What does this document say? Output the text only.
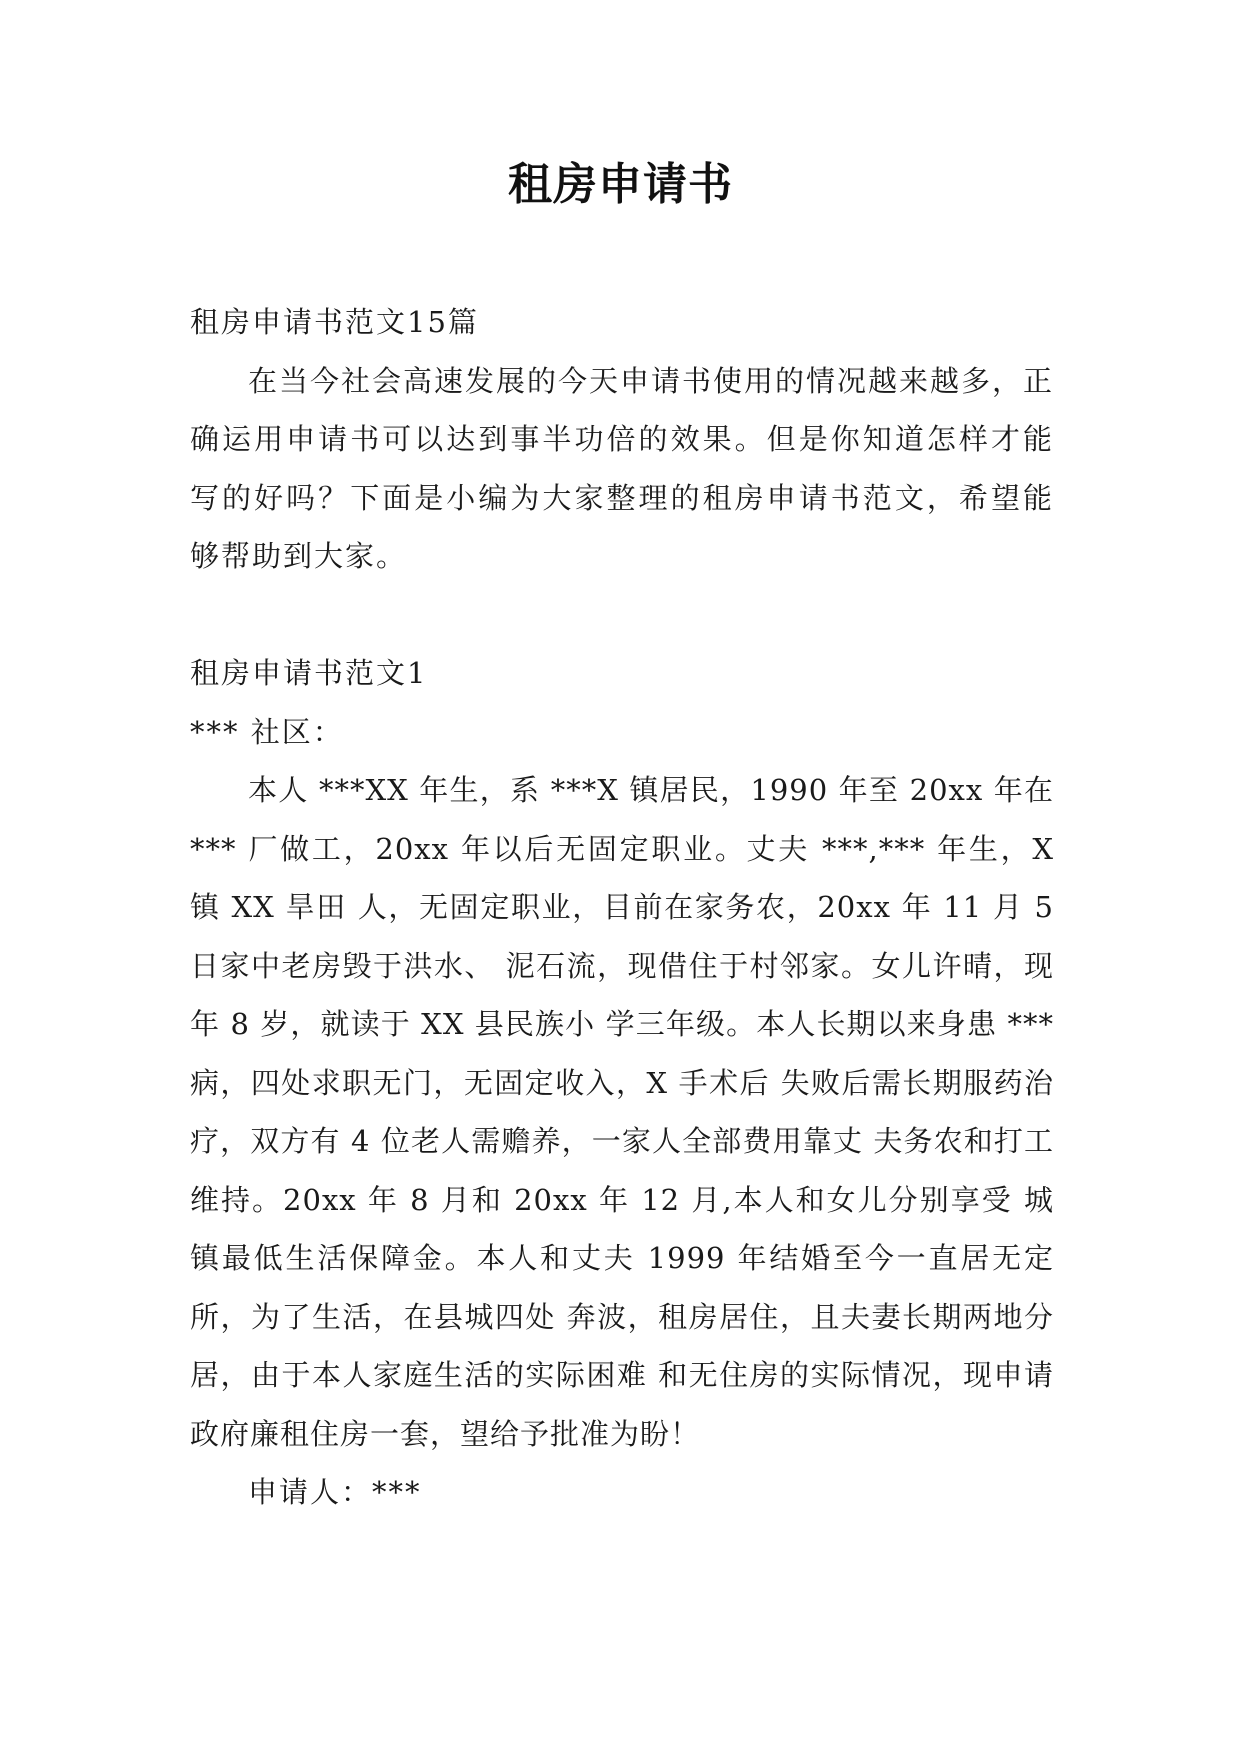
租房申请书

租房申请书范文15篇

在当今社会高速发展的今天申请书使用的情况越来越多，正确运用申请书可以达到事半功倍的效果。但是你知道怎样才能写的好吗？下面是小编为大家整理的租房申请书范文，希望能够帮助到大家。

租房申请书范文1

*** 社区：

本人 ***XX 年生，系 ***X 镇居民，1990 年至 20xx 年在 *** 厂做工，20xx 年以后无固定职业。丈夫 ***,*** 年生，X 镇 XX 旱田 人，无固定职业，目前在家务农，20xx 年 11 月 5 日家中老房毁于洪水、 泥石流，现借住于村邻家。女儿许晴，现年 8 岁，就读于 XX 县民族小 学三年级。本人长期以来身患 *** 病，四处求职无门，无固定收入，X 手术后 失败后需长期服药治疗，双方有 4 位老人需赡养，一家人全部费用靠丈 夫务农和打工维持。20xx 年 8 月和 20xx 年 12 月,本人和女儿分别享受 城镇最低生活保障金。本人和丈夫 1999 年结婚至今一直居无定所，为了生活，在县城四处 奔波，租房居住，且夫妻长期两地分居，由于本人家庭生活的实际困难 和无住房的实际情况，现申请政府廉租住房一套，望给予批准为盼！

申请人：***
